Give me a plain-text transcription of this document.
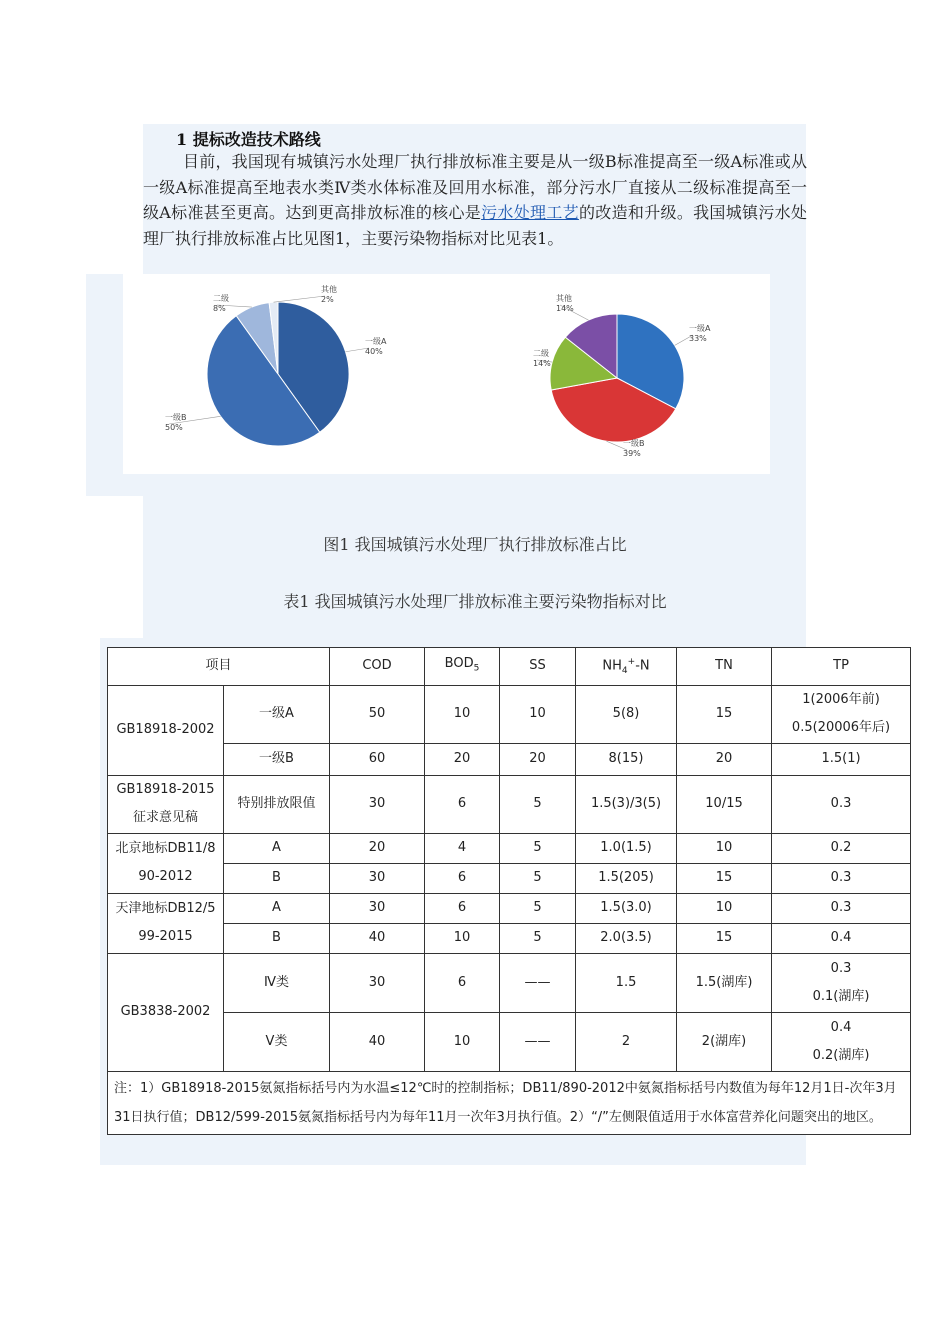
1 提标改造技术路线

目前，我国现有城镇污水处理厂执行排放标准主要是从一级B标准提高至一级A标准或从一级A标准提高至地表水类Ⅳ类水体标准及回用水标准，部分污水厂直接从二级标准提高至一级A标准甚至更高。达到更高排放标准的核心是污水处理工艺的改造和升级。我国城镇污水处理厂执行排放标准占比见图1，主要污染物指标对比见表1。

一级A
40%
一级B
50%
二级
8%
其他
2%
一级A
33%
一级B
39%
二级
14%
其他
14%
图1 我国城镇污水处理厂执行排放标准占比
表1 我国城镇污水处理厂排放标准主要污染物指标对比
项目		COD	$BOD_5$	SS	$NH_4^+-N$	TN	TP
GB18918-2002	一级A	50	10	10	5(8)	15	1(2006年前)
0.5(20006年后)
	一级B	60	20	20	8(15)	20	1.5(1)
GB18918-2015
征求意见稿	特别排放限值	30	6	5	1.5(3)/3(5)	10/15	0.3
北京地标DB11/8
90-2012	A	20	4	5	1.0(1.5)	10	0.2
	B	30	6	5	1.5(205)	15	0.3
天津地标DB12/5
99-2015	A	30	6	5	1.5(3.0)	10	0.3
	B	40	10	5	2.0(3.5)	15	0.4
GB3838-2002	Ⅳ类	30	6	——	1.5	1.5(湖库)	0.3
0.1(湖库)
	Ⅴ类	40	10	——	2	2(湖库)	0.4
0.2(湖库)
注：1）GB18918-2015氨氮指标括号内为水温≤12℃时的控制指标；DB11/890-2012中氨氮指标括号内数值为每年12月1日-次年3月31日执行值；DB12/599-2015氨氮指标括号内为每年11月一次年3月执行值。2）“/”左侧限值适用于水体富营养化问题突出的地区。							
